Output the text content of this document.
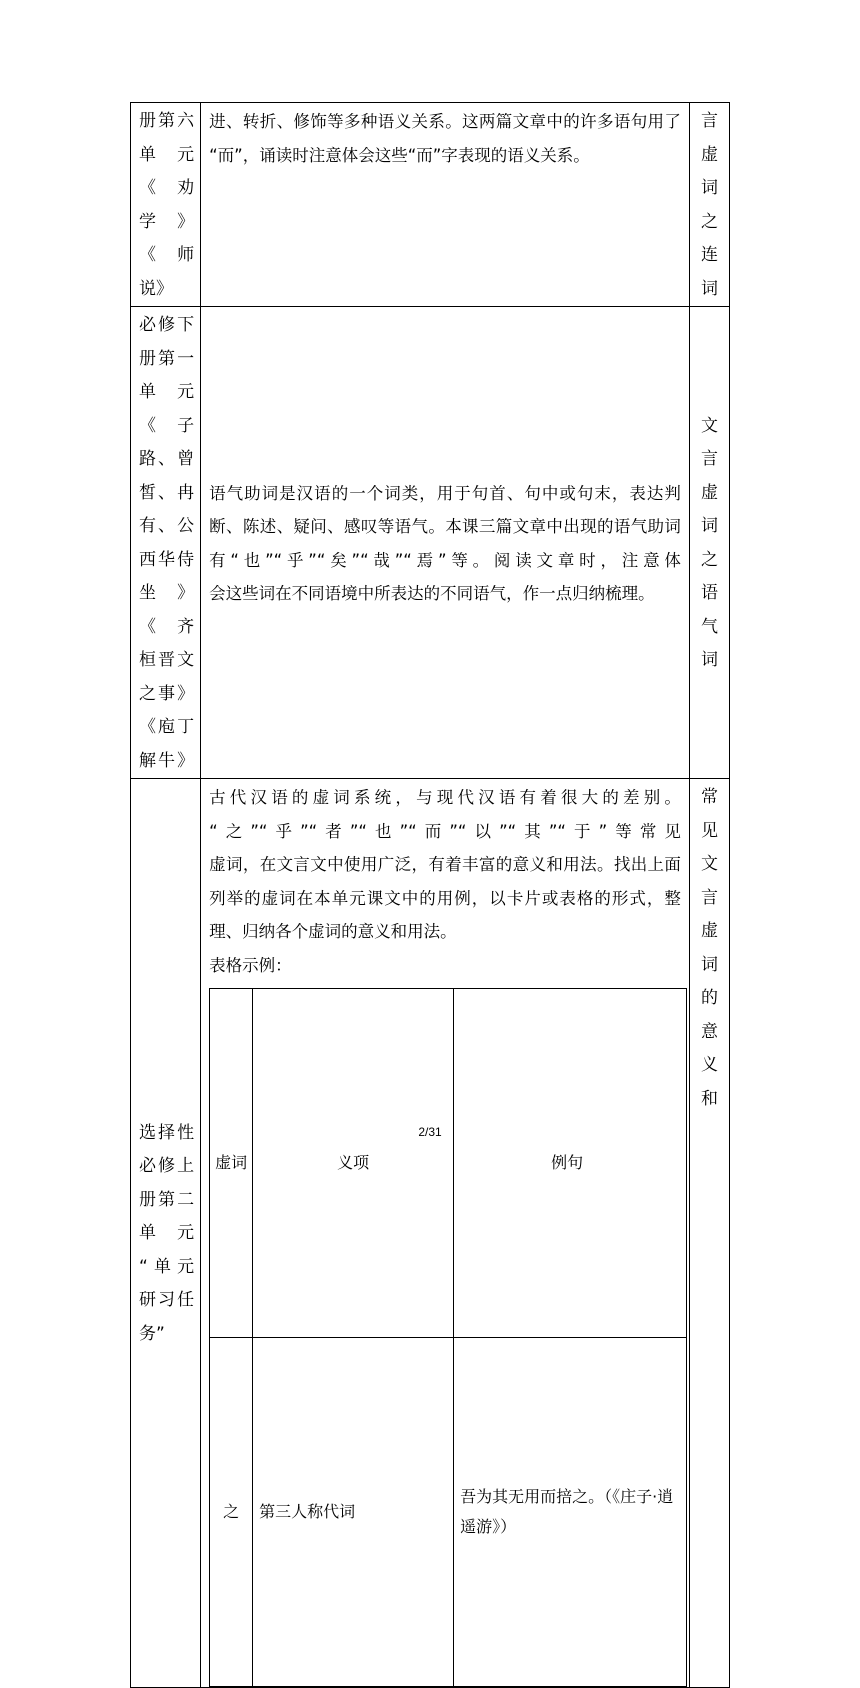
册第六
单　元
《　劝
学》《师
说》

进、转折、修饰等多种语义关系。这两篇文章中的许多语句用了
“而”，诵读时注意体会这些“而”字表现的语义关系。

言
虚
词
之
连
词

必修下
册第一
单　元
《　子
路、曾
皙、冉
有、公
西华侍
坐》《齐
桓晋文
之事》
《庖丁
解牛》

语气助词是汉语的一个词类，用于句首、句中或句末，表达判
断、陈述、疑问、感叹等语气。本课三篇文章中出现的语气助词
有“也”“乎”“矣”“哉”“焉”等。阅读文章时，注意体
会这些词在不同语境中所表达的不同语气，作一点归纳梳理。

文
言
虚
词
之
语
气
词

选择性
必修上
册第二
单　元
“单元
研习任
务”

古代汉语的虚词系统，与现代汉语有着很大的差别。
“之”“乎”“者”“也”“而”“以”“其”“于”等常见
虚词，在文言文中使用广泛，有着丰富的意义和用法。找出上面
列举的虚词在本单元课文中的用例，以卡片或表格的形式，整
理、归纳各个虚词的意义和用法。
表格示例：
虚词	义项	例句
之	第三人称代词	吾为其无用而掊之。（《庄子·逍遥游》）

常
见
文
言
虚
词
的
意
义
和
2/31
